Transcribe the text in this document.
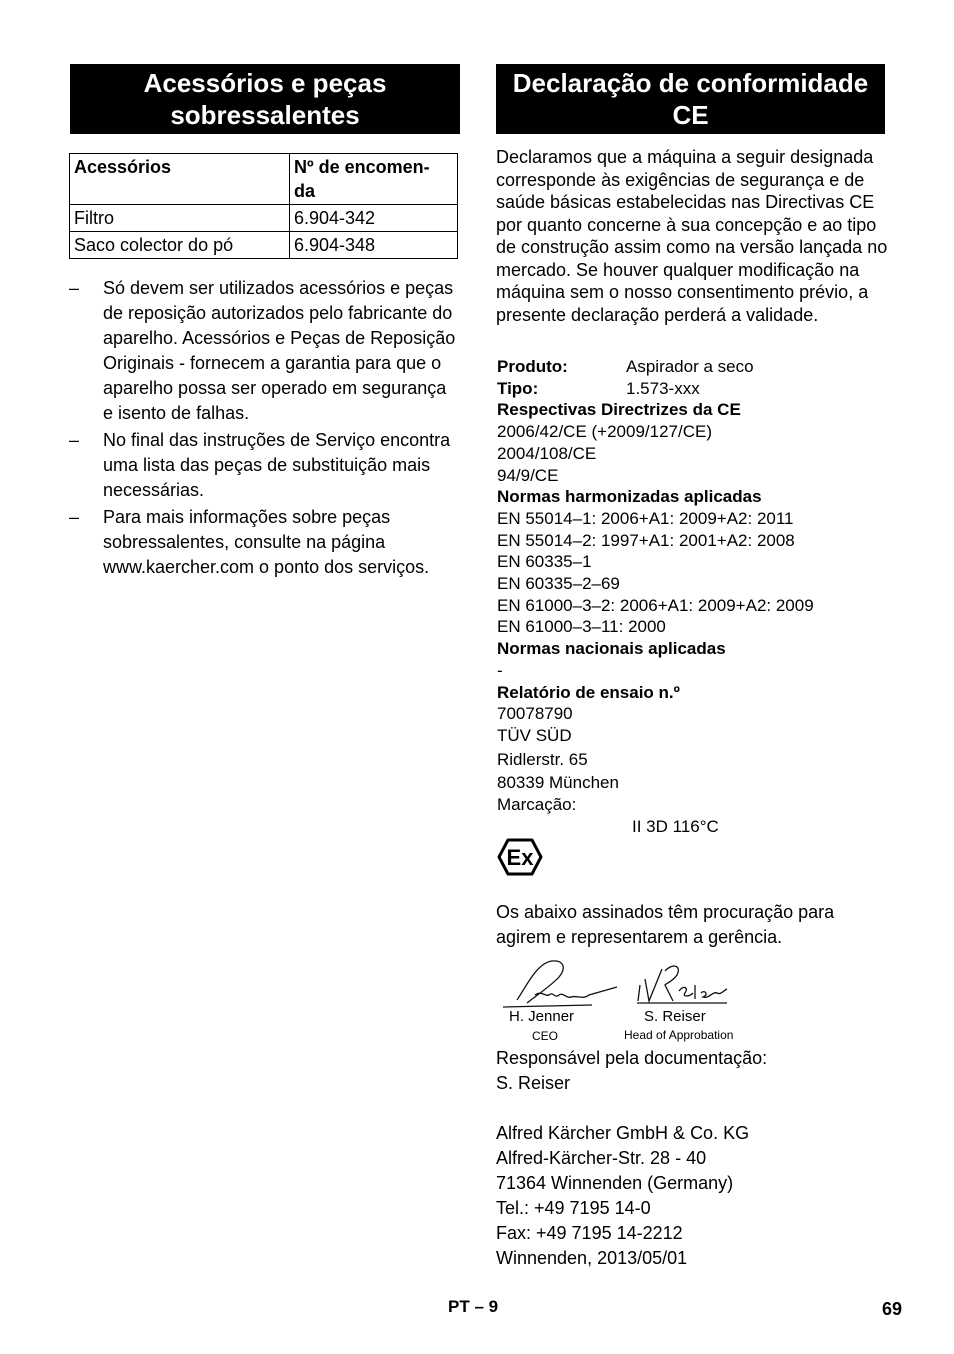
Acessórios e peças
sobressalentes
Acessórios	Nº de encomen-
da
Filtro	6.904-342
Saco colector do pó	6.904-348
– Só devem ser utilizados acessórios e peças de reposição autorizados pelo fabricante do aparelho. Acessórios e Peças de Reposição Originais - fornecem a garantia para que o aparelho possa ser operado em segurança e isento de falhas.
– No final das instruções de Serviço encontra uma lista das peças de substituição mais necessárias.
– Para mais informações sobre peças sobressalentes, consulte na página www.kaercher.com o ponto dos serviços.
Declaração de conformidade
CE
Declaramos que a máquina a seguir designada corresponde às exigências de segurança e de saúde básicas estabelecidas nas Directivas CE por quanto concerne à sua concepção e ao tipo de construção assim como na versão lançada no mercado. Se houver qualquer modificação na máquina sem o nosso consentimento prévio, a presente declaração perderá a validade.
Produto:	Aspirador a seco
Tipo:	1.573-xxx
Respectivas Directrizes da CE
2006/42/CE (+2009/127/CE)
2004/108/CE
94/9/CE
Normas harmonizadas aplicadas
EN 55014–1: 2006+A1: 2009+A2: 2011
EN 55014–2: 1997+A1: 2001+A2: 2008
EN 60335–1
EN 60335–2–69
EN 61000–3–2: 2006+A1: 2009+A2: 2009
EN 61000–3–11: 2000
Normas nacionais aplicadas
-
Relatório de ensaio n.º
70078790
TÜV SÜD
Ridlerstr. 65
80339 München
Marcação:
II 3D 116°C
Ex
Os abaixo assinados têm procuração para agirem e representarem a gerência.
H. Jenner
CEO
S. Reiser
Head of Approbation
Responsável pela documentação:
S. Reiser
Alfred Kärcher GmbH & Co. KG
Alfred-Kärcher-Str. 28 - 40
71364 Winnenden (Germany)
Tel.: +49 7195 14-0
Fax: +49 7195 14-2212
Winnenden, 2013/05/01
PT – 9	69
